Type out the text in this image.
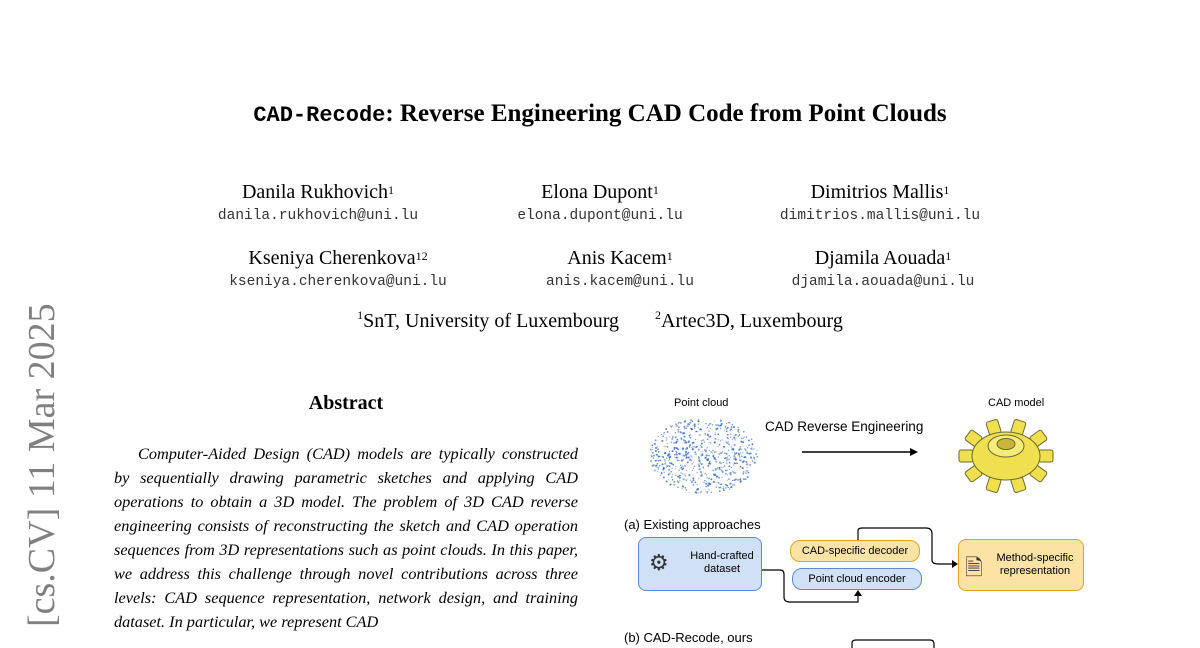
[cs.CV] 11 Mar 2025
CAD-Recode: Reverse Engineering CAD Code from Point Clouds
Danila Rukhovich$^1$
danila.rukhovich@uni.lu
Elona Dupont$^1$
elona.dupont@uni.lu
Dimitrios Mallis$^1$
dimitrios.mallis@uni.lu
Kseniya Cherenkova$^{12}$
kseniya.cherenkova@uni.lu
Anis Kacem$^1$
anis.kacem@uni.lu
Djamila Aouada$^1$
djamila.aouada@uni.lu
$^1$SnT, University of Luxembourg	$^2$Artec3D, Luxembourg
Abstract

Computer-Aided Design (CAD) models are typically constructed by sequentially drawing parametric sketches and applying CAD operations to obtain a 3D model. The problem of 3D CAD reverse engineering consists of reconstructing the sketch and CAD operation sequences from 3D representations such as point clouds. In this paper, we address this challenge through novel contributions across three levels: CAD sequence representation, network design, and training dataset. In particular, we represent CAD

Point cloud
CAD Reverse Engineering
CAD model
(a) Existing approaches
⚙	Hand-crafted dataset
CAD-specific decoder
Point cloud encoder	🗎	Method-specific representation
(b) CAD-Recode, ours
